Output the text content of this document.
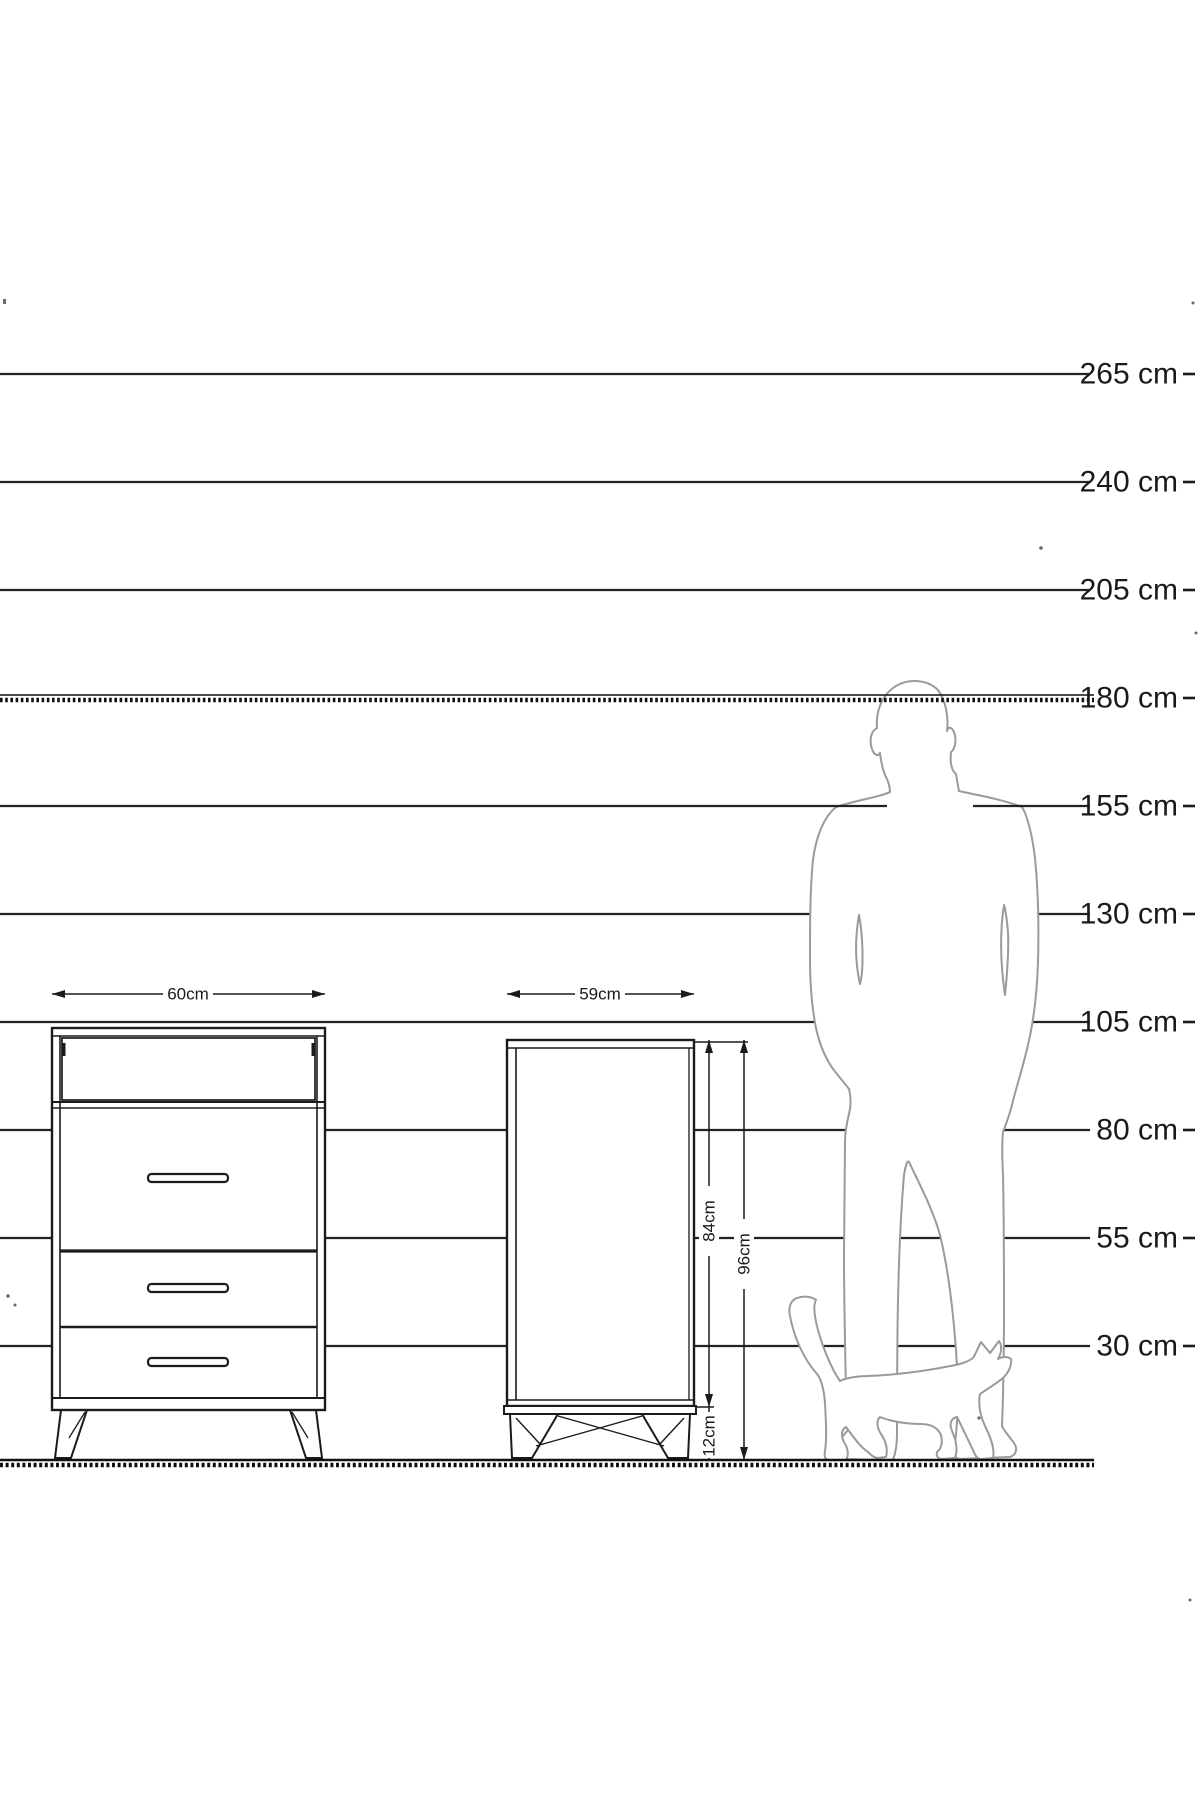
60cm	59cm
84cm
96cm
12cm
265 cm
240 cm
205 cm
180 cm
155 cm
130 cm
105 cm
80 cm
55 cm
30 cm
